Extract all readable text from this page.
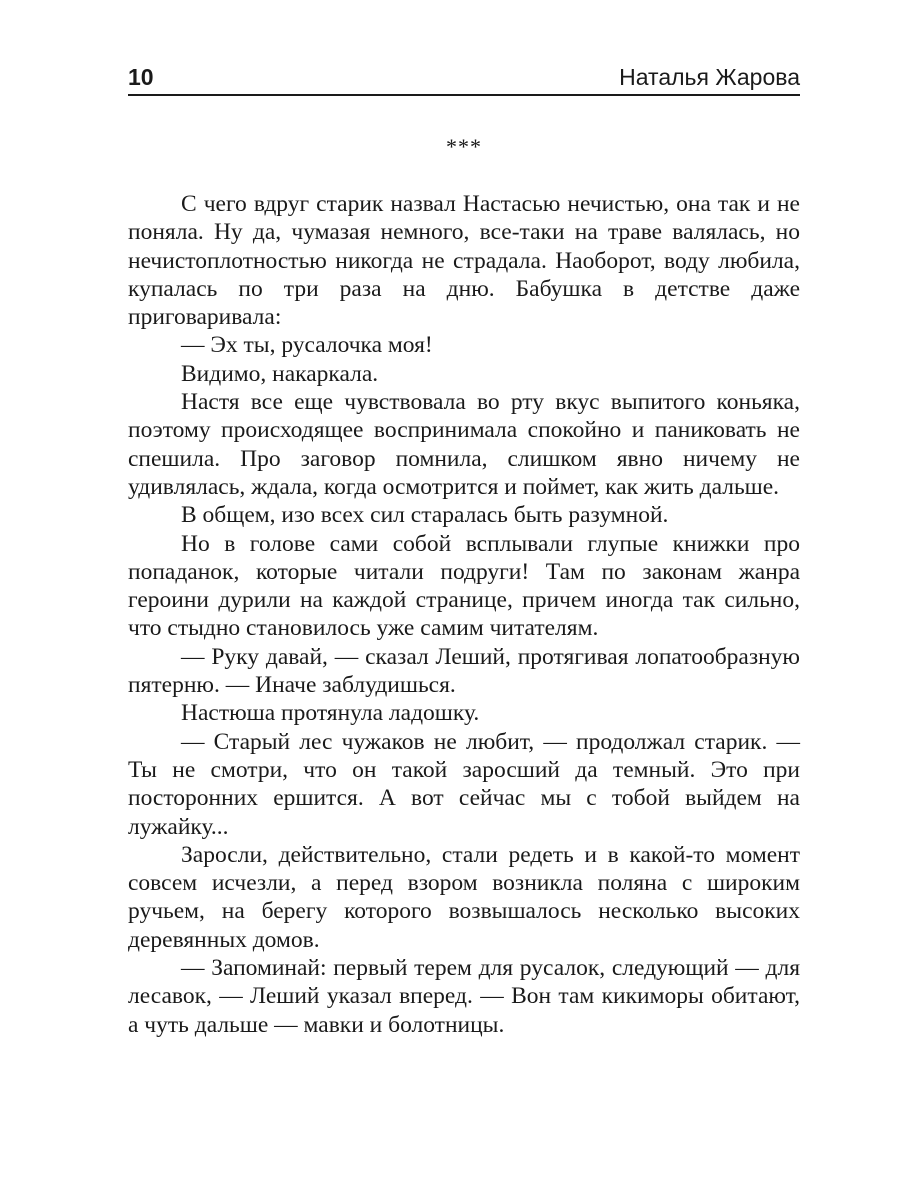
10	Наталья Жарова
***

С чего вдруг старик назвал Настасью нечистью, она так и не поняла. Ну да, чумазая немного, все-таки на траве валялась, но нечистоплотностью никогда не страдала. Наоборот, воду любила, купалась по три раза на дню. Бабушка в детстве даже приговаривала:

— Эх ты, русалочка моя!

Видимо, накаркала.

Настя все еще чувствовала во рту вкус выпитого коньяка, поэтому происходящее воспринимала спокойно и паниковать не спешила. Про заговор помнила, слишком явно ничему не удивлялась, ждала, когда осмотрится и поймет, как жить дальше.

В общем, изо всех сил старалась быть разумной.

Но в голове сами собой всплывали глупые книжки про попаданок, которые читали подруги! Там по законам жанра героини дурили на каждой странице, причем иногда так сильно, что стыдно становилось уже самим читателям.

— Руку давай, — сказал Леший, протягивая лопатообразную пятерню. — Иначе заблудишься.

Настюша протянула ладошку.

— Старый лес чужаков не любит, — продолжал старик. — Ты не смотри, что он такой заросший да темный. Это при посторонних ершится. А вот сейчас мы с тобой выйдем на лужайку...

Заросли, действительно, стали редеть и в какой-то момент совсем исчезли, а перед взором возникла поляна с широким ручьем, на берегу которого возвышалось несколько высоких деревянных домов.

— Запоминай: первый терем для русалок, следующий — для лесавок, — Леший указал вперед. — Вон там кикиморы обитают, а чуть дальше — мавки и болотницы.
